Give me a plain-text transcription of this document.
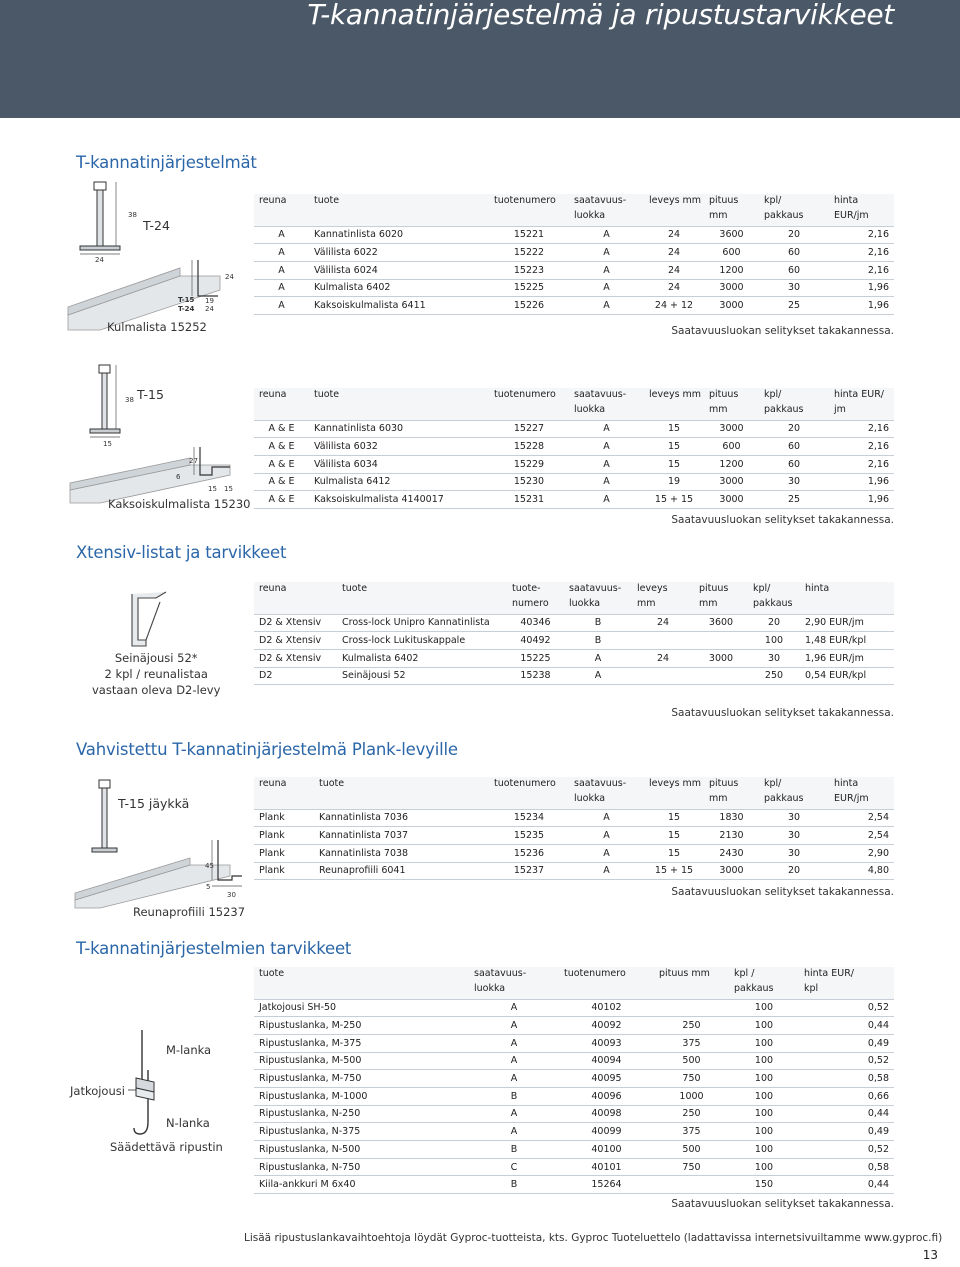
T-kannatinjärjestelmä ja ripustustarvikkeet
T-kannatinjärjestelmät
38
T-24
24
24
T-15 19
T-24 24
Kulmalista 15252
reuna	tuote	tuotenumero	saatavuus-	leveys mm	pituus	kpl/	hinta
			luokka		mm	pakkaus	EUR/jm
A	Kannatinlista 6020	15221	A	24	3600	20	2,16
A	Välilista 6022	15222	A	24	600	60	2,16
A	Välilista 6024	15223	A	24	1200	60	2,16
A	Kulmalista 6402	15225	A	24	3000	30	1,96
A	Kaksoiskulmalista 6411	15226	A	24 + 12	3000	25	1,96
Saatavuusluokan selitykset takakannessa.
38 T-15
15
27
6
15 15
Kaksoiskulmalista 15230
reuna	tuote	tuotenumero	saatavuus-	leveys mm	pituus	kpl/	hinta EUR/
			luokka		mm	pakkaus	jm
A & E	Kannatinlista 6030	15227	A	15	3000	20	2,16
A & E	Välilista 6032	15228	A	15	600	60	2,16
A & E	Välilista 6034	15229	A	15	1200	60	2,16
A & E	Kulmalista 6412	15230	A	19	3000	30	1,96
A & E	Kaksoiskulmalista 4140017	15231	A	15 + 15	3000	25	1,96
Saatavuusluokan selitykset takakannessa.
Xtensiv-listat ja tarvikkeet
Seinäjousi 52*
2 kpl / reunalistaa
vastaan oleva D2-levy
reuna	tuote	tuote-	saatavuus-	leveys	pituus	kpl/	hinta
		numero	luokka	mm	mm	pakkaus	
D2 & Xtensiv	Cross-lock Unipro Kannatinlista	40346	B	24	3600	20	2,90 EUR/jm
D2 & Xtensiv	Cross-lock Lukituskappale	40492	B			100	1,48 EUR/kpl
D2 & Xtensiv	Kulmalista 6402	15225	A	24	3000	30	1,96 EUR/jm
D2	Seinäjousi 52	15238	A			250	0,54 EUR/kpl
Saatavuusluokan selitykset takakannessa.
Vahvistettu T-kannatinjärjestelmä Plank-levyille
T-15 jäykkä
45
5
30
Reunaprofiili 15237
reuna	tuote	tuotenumero	saatavuus-	leveys mm	pituus	kpl/	hinta
			luokka		mm	pakkaus	EUR/jm
Plank	Kannatinlista 7036	15234	A	15	1830	30	2,54
Plank	Kannatinlista 7037	15235	A	15	2130	30	2,54
Plank	Kannatinlista 7038	15236	A	15	2430	30	2,90
Plank	Reunaprofiili 6041	15237	A	15 + 15	3000	20	4,80
Saatavuusluokan selitykset takakannessa.
T-kannatinjärjestelmien tarvikkeet
M-lanka
Jatkojousi
N-lanka
Säädettävä ripustin
tuote	saatavuus-	tuotenumero	pituus mm	kpl /	hinta EUR/
	luokka			pakkaus	kpl
Jatkojousi SH-50	A	40102		100	0,52
Ripustuslanka, M-250	A	40092	250	100	0,44
Ripustuslanka, M-375	A	40093	375	100	0,49
Ripustuslanka, M-500	A	40094	500	100	0,52
Ripustuslanka, M-750	A	40095	750	100	0,58
Ripustuslanka, M-1000	B	40096	1000	100	0,66
Ripustuslanka, N-250	A	40098	250	100	0,44
Ripustuslanka, N-375	A	40099	375	100	0,49
Ripustuslanka, N-500	B	40100	500	100	0,52
Ripustuslanka, N-750	C	40101	750	100	0,58
Kiila-ankkuri M 6x40	B	15264		150	0,44
Saatavuusluokan selitykset takakannessa.
Lisää ripustuslankavaihtoehtoja löydät Gyproc-tuotteista, kts. Gyproc Tuoteluettelo (ladattavissa internetsivuiltamme www.gyproc.fi)
13
